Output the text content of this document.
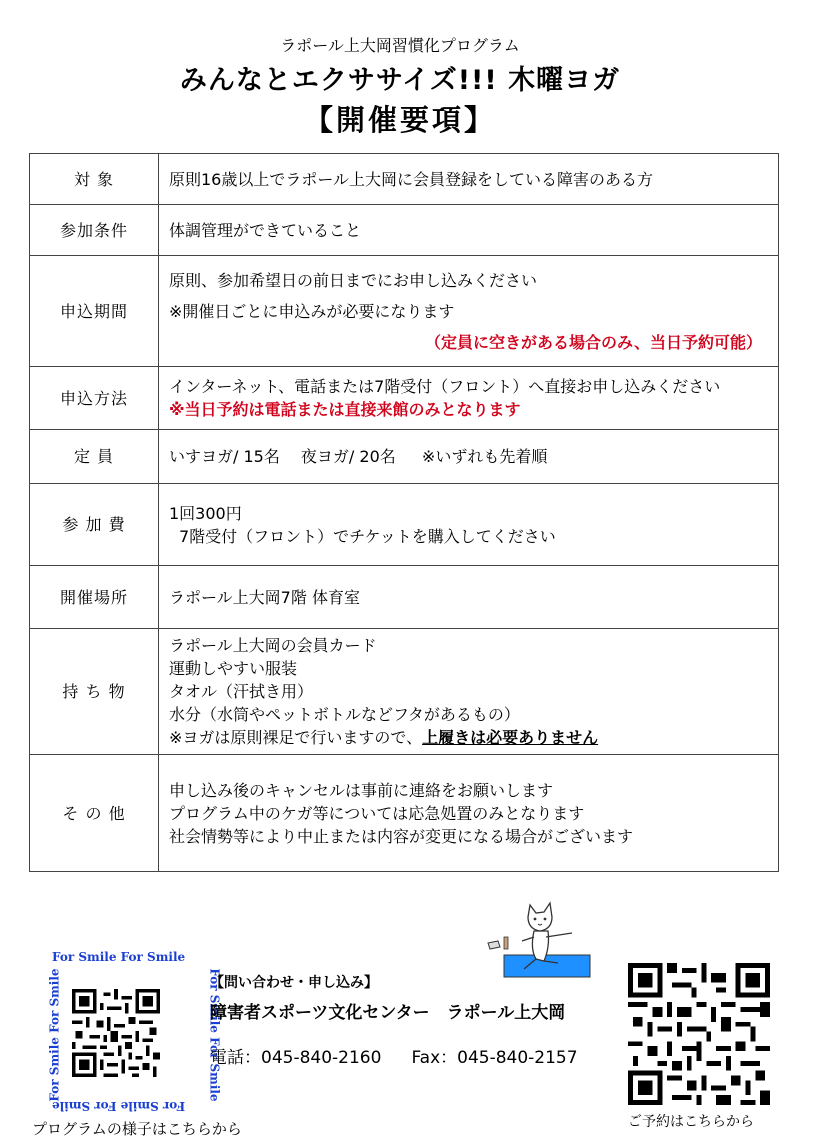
ラポール上大岡習慣化プログラム
みんなとエクササイズ!!! 木曜ヨガ
【開催要項】
対 象	原則16歳以上でラポール上大岡に会員登録をしている障害のある方
参加条件	体調管理ができていること
申込期間	原則、参加希望日の前日までにお申し込みください
※開催日ごとに申込みが必要になります
（定員に空きがある場合のみ、当日予約可能）

申込方法	インターネット、電話または7階受付（フロント）へ直接お申し込みください
※当日予約は電話または直接来館のみとなります

定 員	いすヨガ/ 15名　 夜ヨガ/ 20名 　 ※いずれも先着順
参 加 費	1回300円
7階受付（フロント）でチケットを購入してください

開催場所	ラポール上大岡7階 体育室
持 ち 物	ラポール上大岡の会員カード
運動しやすい服装
タオル（汗拭き用）
水分（水筒やペットボトルなどフタがあるもの）
※ヨガは原則裸足で行いますので、上履きは必要ありません

そ の 他	申し込み後のキャンセルは事前に連絡をお願いします
プログラム中のケガ等については応急処置のみとなります
社会情勢等により中止または内容が変更になる場合がございます
For Smile For Smile
For Smile For Smile
For Smile For Smile
For Smile For Smile
プログラムの様子はこちらから
【問い合わせ・申し込み】
障害者スポーツ文化センター　ラポール上大岡
電話：045-840-2160 Fax：045-840-2157
ご予約はこちらから
